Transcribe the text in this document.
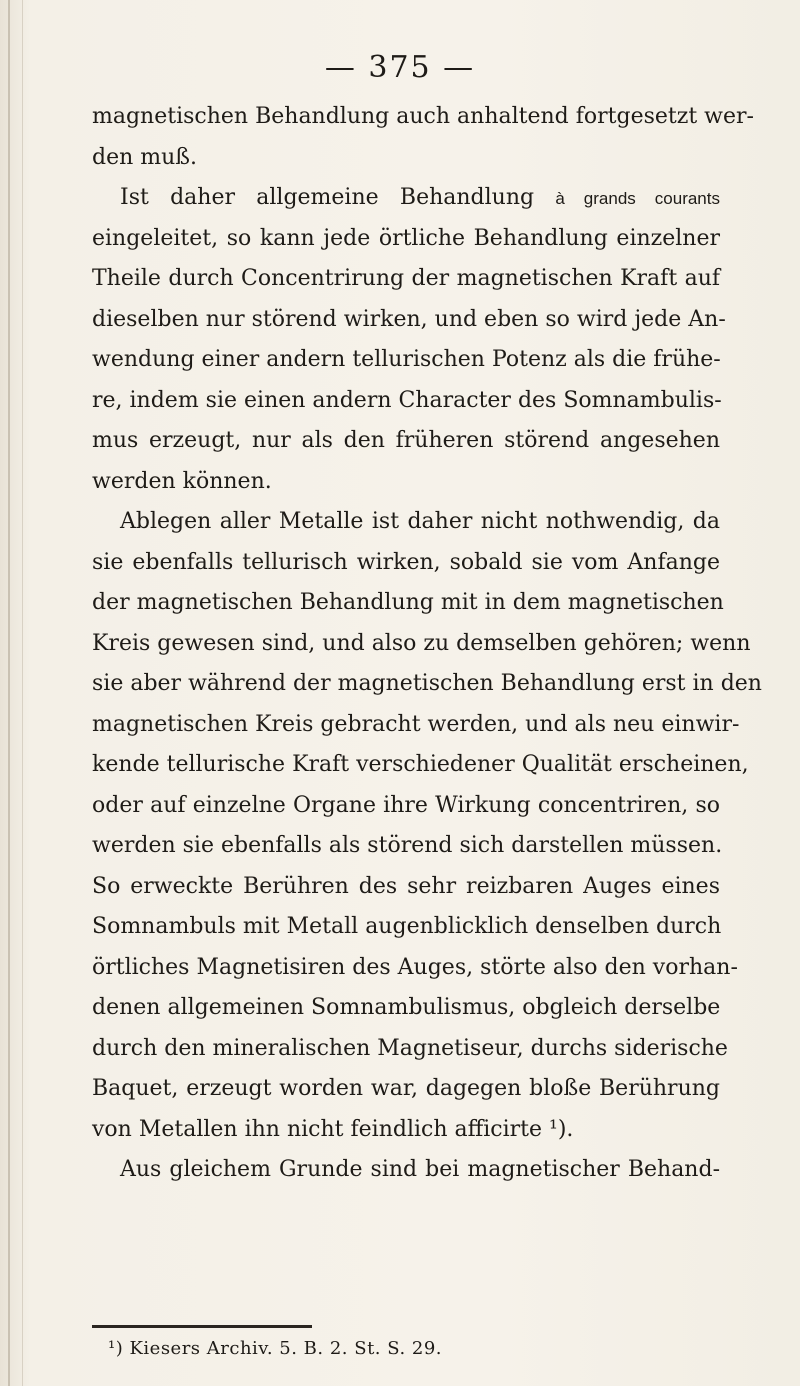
— 375 —
magnetischen Behandlung auch anhaltend fortgesetzt wer-
den muß.
Ist daher allgemeine Behandlung à grands courants
eingeleitet, so kann jede örtliche Behandlung einzelner
Theile durch Concentrirung der magnetischen Kraft auf
dieselben nur störend wirken, und eben so wird jede An-
wendung einer andern tellurischen Potenz als die frühe-
re, indem sie einen andern Character des Somnambulis-
mus erzeugt, nur als den früheren störend angesehen
werden können.
Ablegen aller Metalle ist daher nicht nothwendig, da
sie ebenfalls tellurisch wirken, sobald sie vom Anfange
der magnetischen Behandlung mit in dem magnetischen
Kreis gewesen sind, und also zu demselben gehören; wenn
sie aber während der magnetischen Behandlung erst in den
magnetischen Kreis gebracht werden, und als neu einwir-
kende tellurische Kraft verschiedener Qualität erscheinen,
oder auf einzelne Organe ihre Wirkung concentriren, so
werden sie ebenfalls als störend sich darstellen müssen.
So erweckte Berühren des sehr reizbaren Auges eines
Somnambuls mit Metall augenblicklich denselben durch
örtliches Magnetisiren des Auges, störte also den vorhan-
denen allgemeinen Somnambulismus, obgleich derselbe
durch den mineralischen Magnetiseur, durchs siderische
Baquet, erzeugt worden war, dagegen bloße Berührung
von Metallen ihn nicht feindlich afficirte ¹).
Aus gleichem Grunde sind bei magnetischer Behand-
¹) Kiesers Archiv. 5. B. 2. St. S. 29.
